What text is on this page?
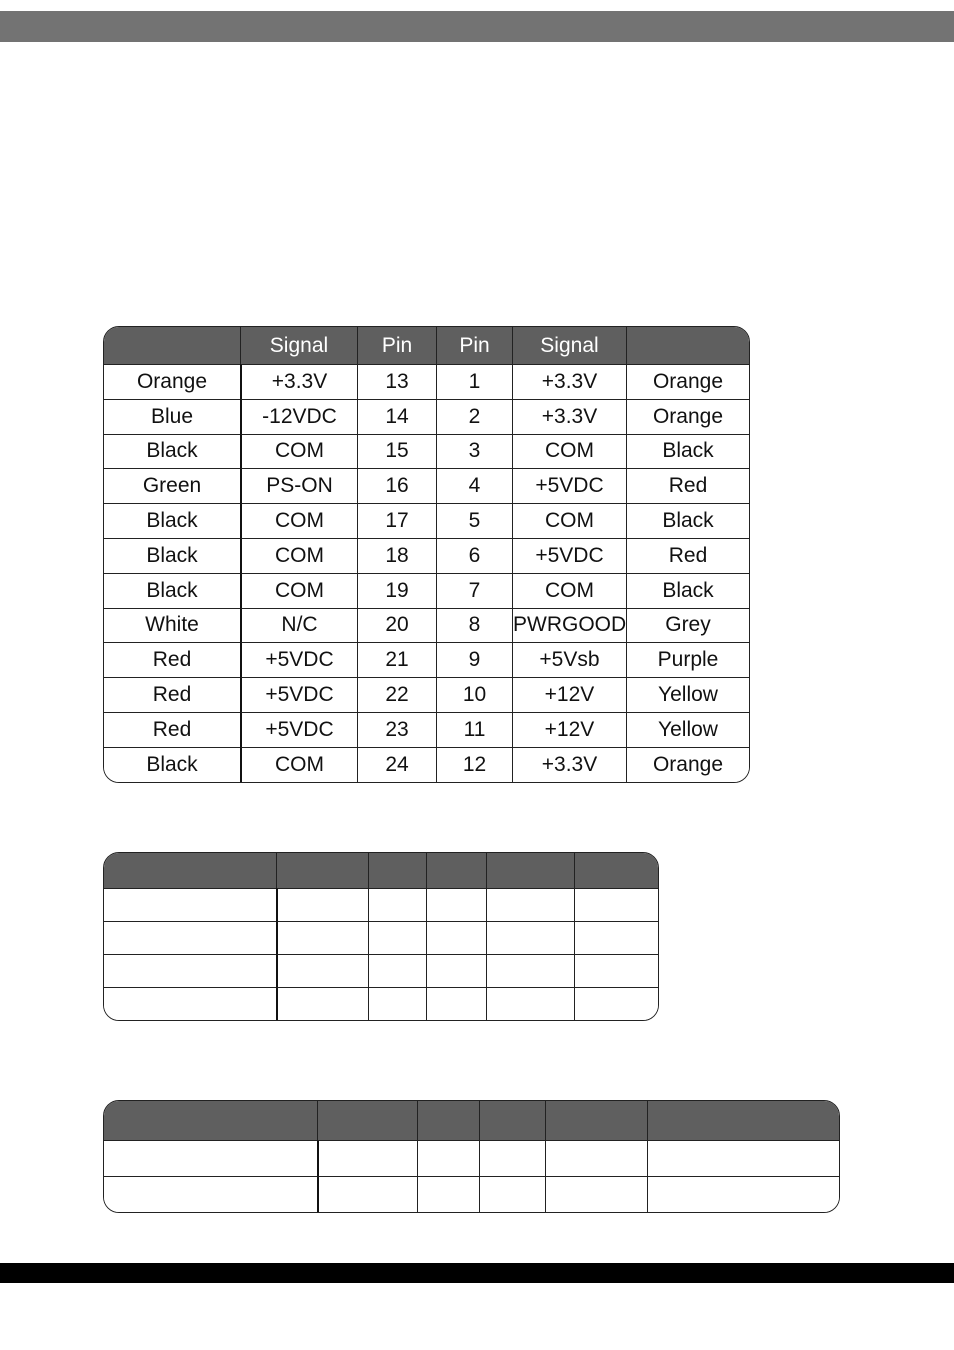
	Signal	Pin	Pin	Signal	
Orange	+3.3V	13	1	+3.3V	Orange
Blue	-12VDC	14	2	+3.3V	Orange
Black	COM	15	3	COM	Black
Green	PS-ON	16	4	+5VDC	Red
Black	COM	17	5	COM	Black
Black	COM	18	6	+5VDC	Red
Black	COM	19	7	COM	Black
White	N/C	20	8	PWRGOOD	Grey
Red	+5VDC	21	9	+5Vsb	Purple
Red	+5VDC	22	10	+12V	Yellow
Red	+5VDC	23	11	+12V	Yellow
Black	COM	24	12	+3.3V	Orange
